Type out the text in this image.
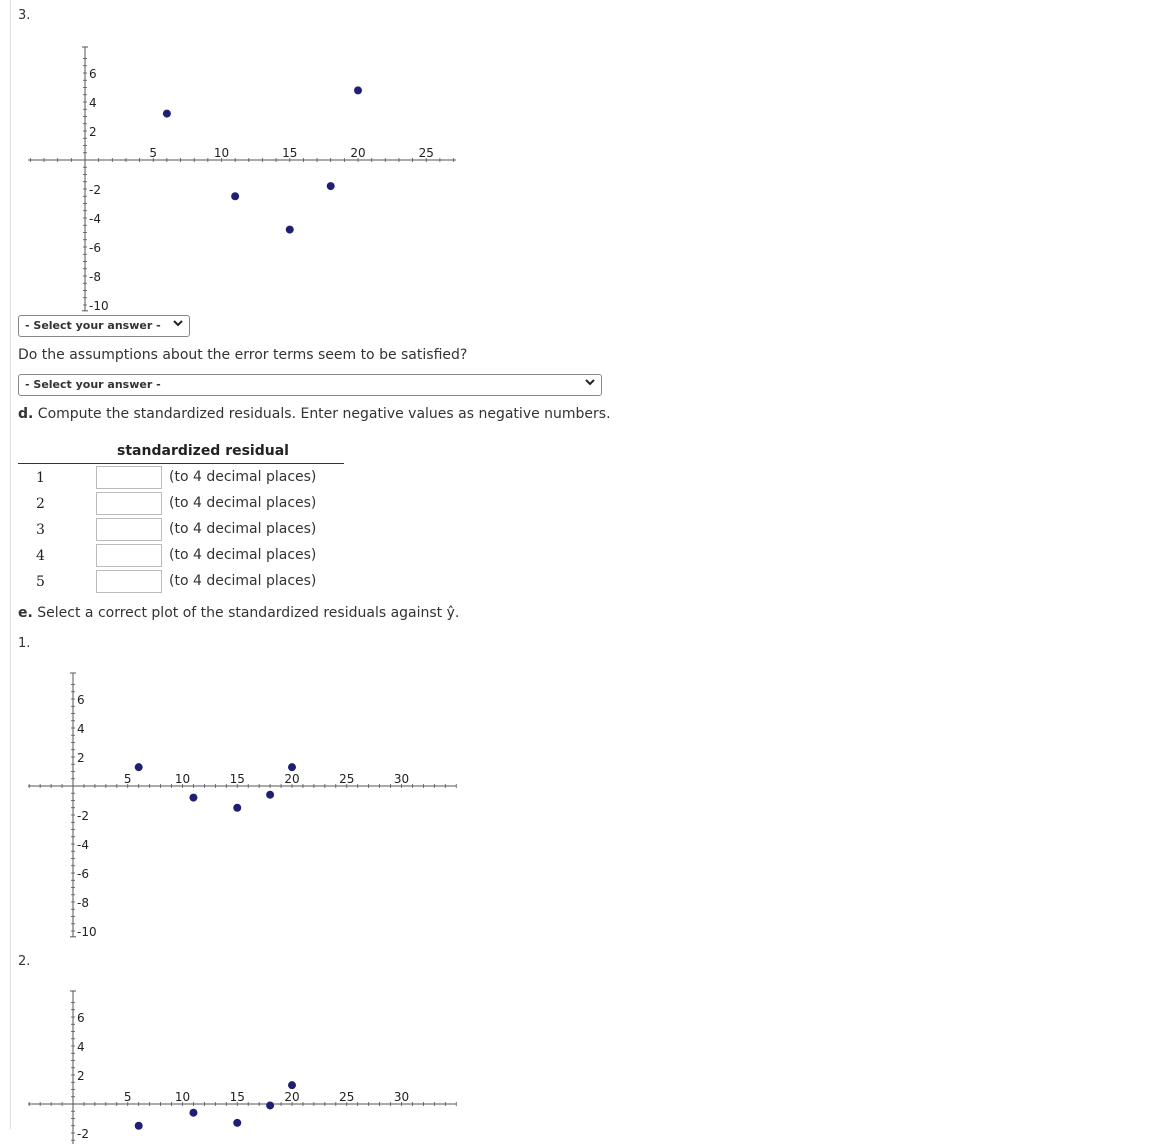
3.
5	10	15	20	25
6
4
2
-2
-4
-6
-8
-10
- Select your answer -
Do the assumptions about the error terms seem to be satisfied?
- Select your answer -
d. Compute the standardized residuals. Enter negative values as negative numbers.
standardized residual
1	(to 4 decimal places)
2	(to 4 decimal places)
3	(to 4 decimal places)
4	(to 4 decimal places)
5	(to 4 decimal places)
e. Select a correct plot of the standardized residuals against ŷ.
1.
5	10	15	20	25	30
6
4
2
-2
-4
-6
-8
-10
2.
5	10	15	20	25	30
6
4
2
-2
